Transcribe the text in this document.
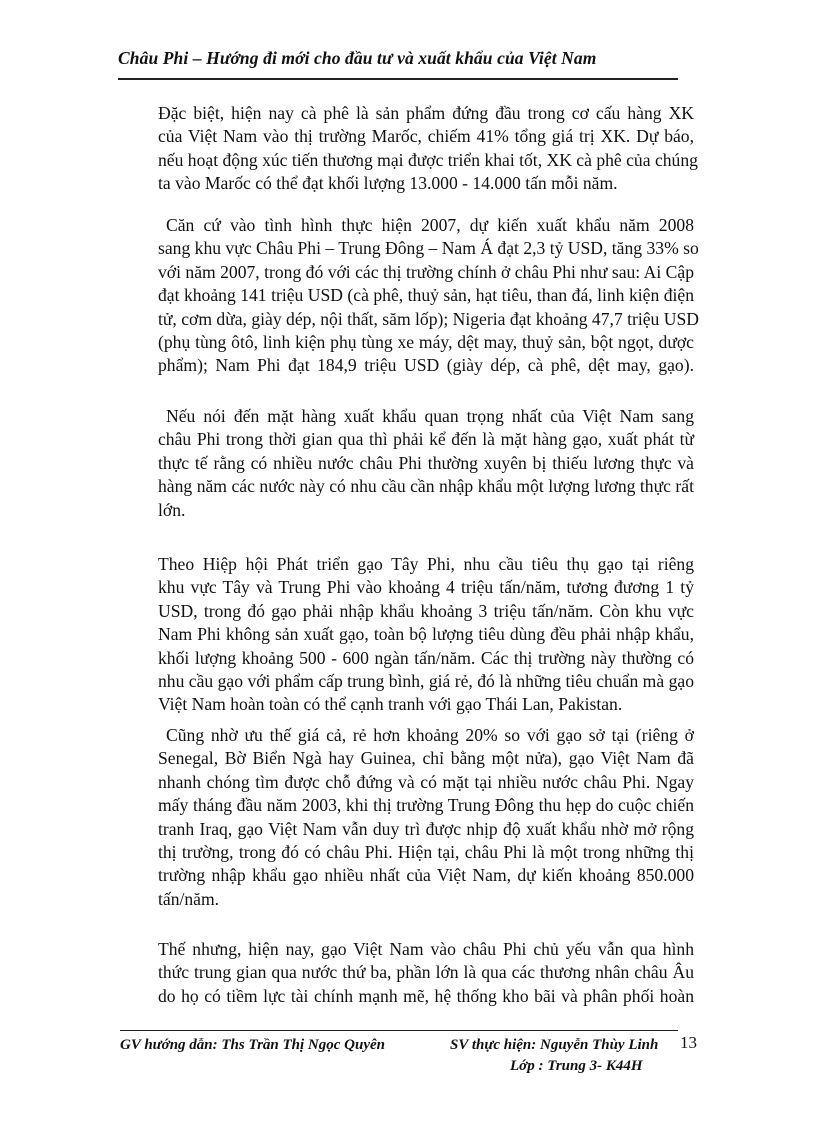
Châu Phi – Hướng đi mới cho đầu tư và xuất khẩu của Việt Nam

Đặc biệt, hiện nay cà phê là sản phẩm đứng đầu trong cơ cấu hàng XK
của Việt Nam vào thị trường Marốc, chiếm 41% tổng giá trị XK. Dự báo,
nếu hoạt động xúc tiến thương mại được triển khai tốt, XK cà phê của chúng
ta vào Marốc có thể đạt khối lượng 13.000 - 14.000 tấn mỗi năm.

Căn cứ vào tình hình thực hiện 2007, dự kiến xuất khẩu năm 2008
sang khu vực Châu Phi – Trung Đông – Nam Á đạt 2,3 tỷ USD, tăng 33% so
với năm 2007, trong đó với các thị trường chính ở châu Phi như sau: Ai Cập
đạt khoảng 141 triệu USD (cà phê, thuỷ sản, hạt tiêu, than đá, linh kiện điện
tử, cơm dừa, giày dép, nội thất, săm lốp); Nigeria đạt khoảng 47,7 triệu USD
(phụ tùng ôtô, linh kiện phụ tùng xe máy, dệt may, thuỷ sản, bột ngọt, dược
phẩm); Nam Phi đạt 184,9 triệu USD (giày dép, cà phê, dệt may, gạo).

Nếu nói đến mặt hàng xuất khẩu quan trọng nhất của Việt Nam sang
châu Phi trong thời gian qua thì phải kể đến là mặt hàng gạo, xuất phát từ
thực tế rằng có nhiều nước châu Phi thường xuyên bị thiếu lương thực và
hàng năm các nước này có nhu cầu cần nhập khẩu một lượng lương thực rất
lớn.

Theo Hiệp hội Phát triển gạo Tây Phi, nhu cầu tiêu thụ gạo tại riêng
khu vực Tây và Trung Phi vào khoảng 4 triệu tấn/năm, tương đương 1 tỷ
USD, trong đó gạo phải nhập khẩu khoảng 3 triệu tấn/năm. Còn khu vực
Nam Phi không sản xuất gạo, toàn bộ lượng tiêu dùng đều phải nhập khẩu,
khối lượng khoảng 500 - 600 ngàn tấn/năm. Các thị trường này thường có
nhu cầu gạo với phẩm cấp trung bình, giá rẻ, đó là những tiêu chuẩn mà gạo
Việt Nam hoàn toàn có thể cạnh tranh với gạo Thái Lan, Pakistan.

Cũng nhờ ưu thế giá cả, rẻ hơn khoảng 20% so với gạo sở tại (riêng ở
Senegal, Bờ Biển Ngà hay Guinea, chỉ bằng một nửa), gạo Việt Nam đã
nhanh chóng tìm được chỗ đứng và có mặt tại nhiều nước châu Phi. Ngay
mấy tháng đầu năm 2003, khi thị trường Trung Đông thu hẹp do cuộc chiến
tranh Iraq, gạo Việt Nam vẫn duy trì được nhịp độ xuất khẩu nhờ mở rộng
thị trường, trong đó có châu Phi. Hiện tại, châu Phi là một trong những thị
trường nhập khẩu gạo nhiều nhất của Việt Nam, dự kiến khoảng 850.000
tấn/năm.

Thế nhưng, hiện nay, gạo Việt Nam vào châu Phi chủ yếu vẫn qua hình
thức trung gian qua nước thứ ba, phần lớn là qua các thương nhân châu Âu
do họ có tiềm lực tài chính mạnh mẽ, hệ thống kho bãi và phân phối hoàn

GV hướng dẫn: Ths Trần Thị Ngọc Quyên	SV thực hiện: Nguyễn Thùy Linh
Lớp : Trung 3- K44H
13
